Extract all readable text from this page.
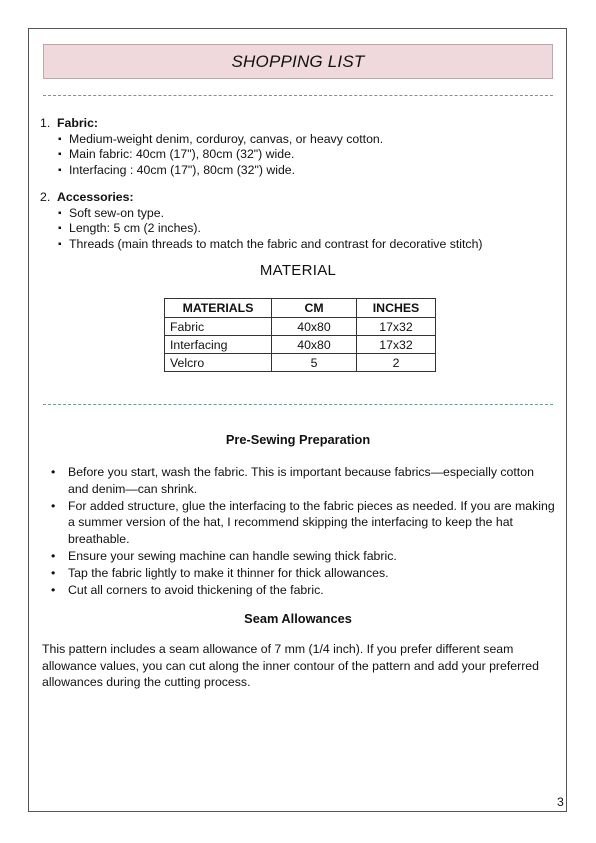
SHOPPING LIST
1. Fabric:
▪ Medium-weight denim, corduroy, canvas, or heavy cotton.
▪ Main fabric: 40cm (17"), 80cm (32") wide.
▪ Interfacing : 40cm (17"), 80cm (32") wide.
2. Accessories:
▪ Soft sew-on type.
▪ Length: 5 cm (2 inches).
▪ Threads (main threads to match the fabric and contrast for decorative stitch)
MATERIAL
MATERIALS	CM	INCHES
Fabric	40x80	17x32
Interfacing	40x80	17x32
Velcro	5	2
Pre-Sewing Preparation
• Before you start, wash the fabric. This is important because fabrics—especially cotton and denim—can shrink.
• For added structure, glue the interfacing to the fabric pieces as needed. If you are making a summer version of the hat, I recommend skipping the interfacing to keep the hat breathable.
• Ensure your sewing machine can handle sewing thick fabric.
• Tap the fabric lightly to make it thinner for thick allowances.
• Cut all corners to avoid thickening of the fabric.
Seam Allowances
This pattern includes a seam allowance of 7 mm (1/4 inch). If you prefer different seam allowance values, you can cut along the inner contour of the pattern and add your preferred allowances during the cutting process.
3
